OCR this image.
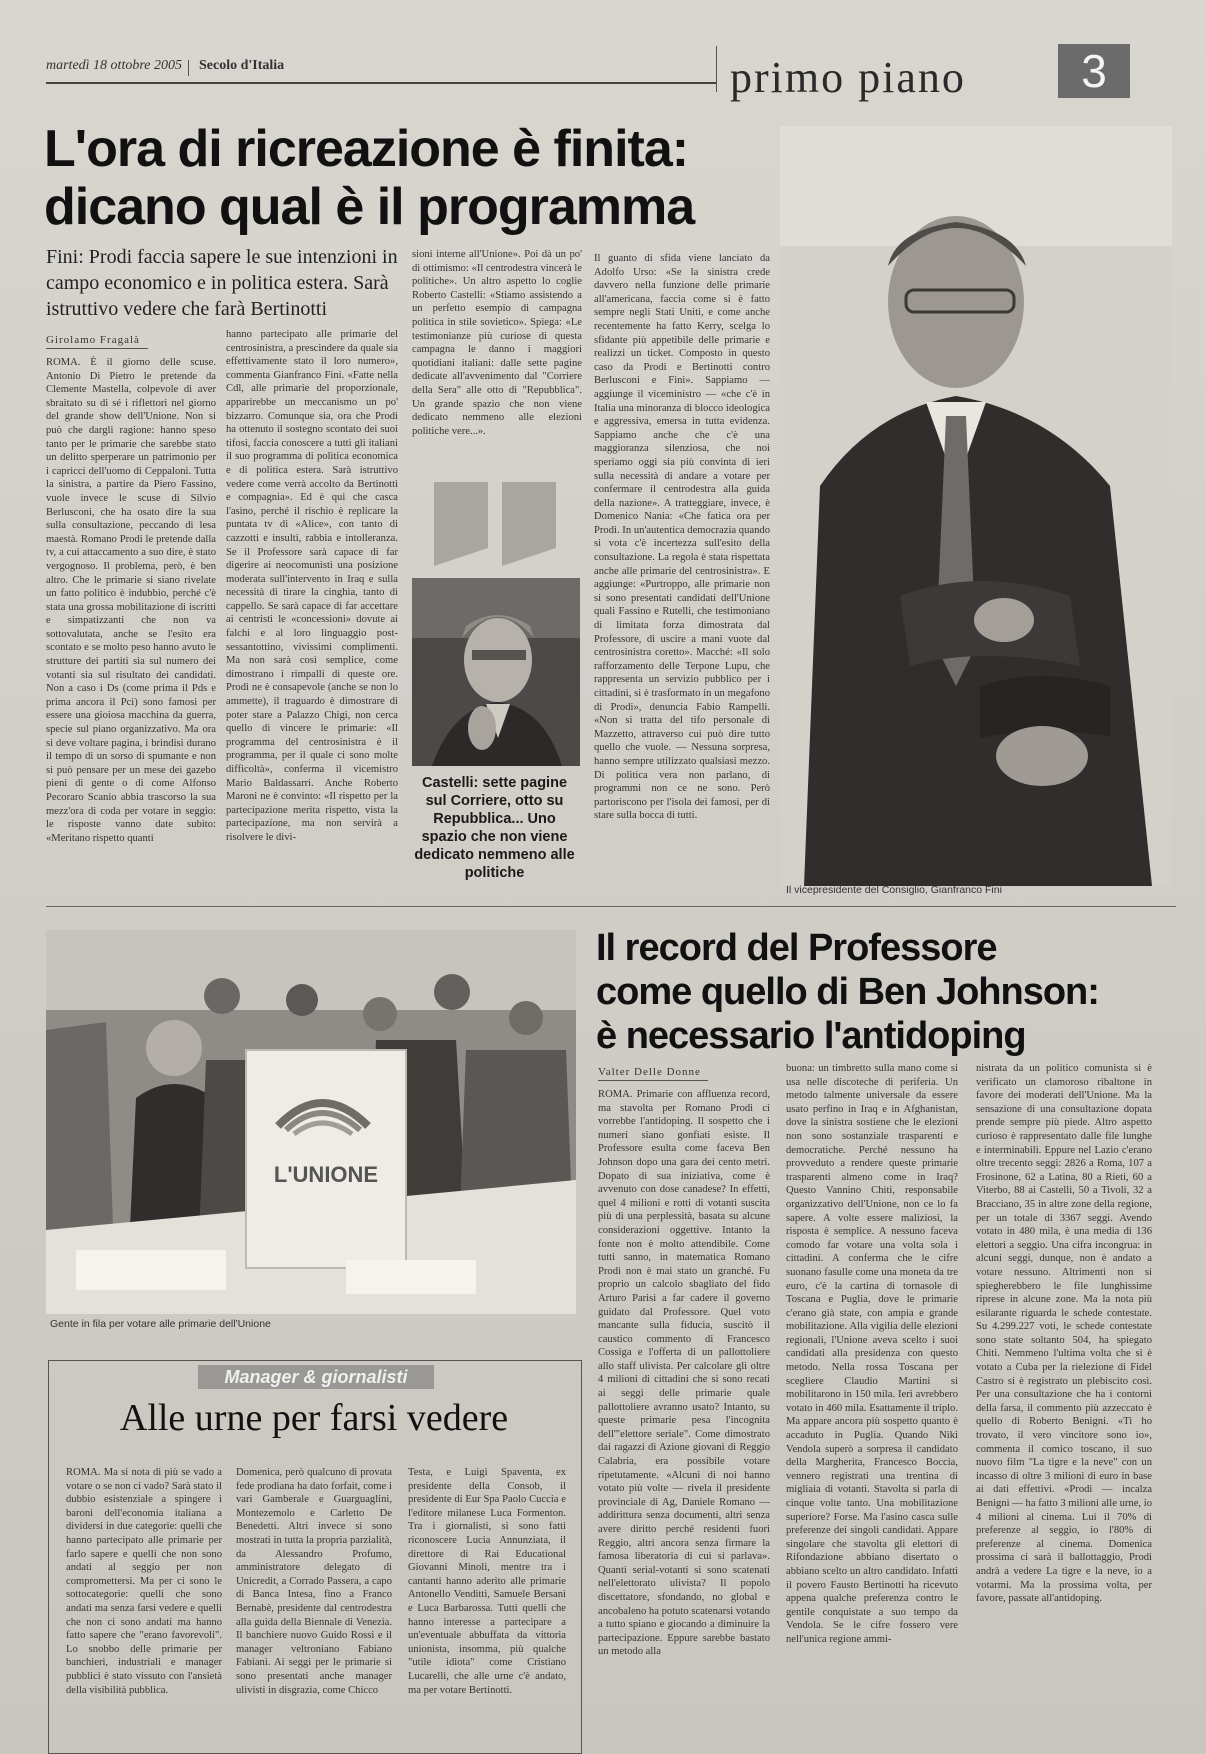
martedì 18 ottobre 2005 Secolo d'Italia	primo piano	3
L'ora di ricreazione è finita:
dicano qual è il programma
Fini: Prodi faccia sapere le sue intenzioni in campo economico e in politica estera. Sarà istruttivo vedere che farà Bertinotti
Girolamo Fragalà

ROMA. È il giorno delle scuse. Antonio Di Pietro le pretende da Clemente Mastella, colpevole di aver sbraitato su di sé i riflettori nel giorno del grande show dell'Unione. Non si può che dargli ragione: hanno speso tanto per le primarie che sarebbe stato un delitto sperperare un patrimonio per i capricci dell'uomo di Ceppaloni. Tutta la sinistra, a partire da Piero Fassino, vuole invece le scuse di Silvio Berlusconi, che ha osato dire la sua sulla consultazione, peccando di lesa maestà. Romano Prodi le pretende dalla tv, a cui attaccamento a suo dire, è stato vergognoso. Il problema, però, è ben altro. Che le primarie si siano rivelate un fatto politico è indubbio, perché c'è stata una grossa mobilitazione di iscritti e simpatizzanti che non va sottovalutata, anche se l'esito era scontato e se molto peso hanno avuto le strutture dei partiti sia sul numero dei votanti sia sul risultato dei candidati. Non a caso i Ds (come prima il Pds e prima ancora il Pci) sono famosi per essere una gioiosa macchina da guerra, specie sul piano organizzativo. Ma ora si deve voltare pagina, i brindisi durano il tempo di un sorso di spumante e non si può pensare per un mese dei gazebo pieni di gente o di come Alfonso Pecoraro Scanio abbia trascorso la sua mezz'ora di coda per votare in seggio: le risposte vanno date subito: «Meritano rispetto quanti

hanno partecipato alle primarie del centrosinistra, a prescindere da quale sia effettivamente stato il loro numero», commenta Gianfranco Fini. «Fatte nella Cdl, alle primarie del proporzionale, apparirebbe un meccanismo un po' bizzarro. Comunque sia, ora che Prodi ha ottenuto il sostegno scontato dei suoi tifosi, faccia conoscere a tutti gli italiani il suo programma di politica economica e di politica estera. Sarà istruttivo vedere come verrà accolto da Bertinotti e compagnia». Ed è qui che casca l'asino, perché il rischio è replicare la puntata tv di «Alice», con tanto di cazzotti e insulti, rabbia e intolleranza. Se il Professore sarà capace di far digerire ai neocomunisti una posizione moderata sull'intervento in Iraq e sulla necessità di tirare la cinghia, tanto di cappello. Se sarà capace di far accettare ai centristi le «concessioni» dovute ai falchi e al loro linguaggio post-sessantottino, vivissimi complimenti. Ma non sarà così semplice, come dimostrano i rimpalli di queste ore. Prodi ne è consapevole (anche se non lo ammette), il traguardo è dimostrare di poter stare a Palazzo Chigi, non cerca quello di vincere le primarie: «Il programma del centrosinistra è il programma, per il quale ci sono molte difficoltà», conferma il vicemistro Mario Baldassarri. Anche Roberto Maroni ne è convinto: «Il rispetto per la partecipazione merita rispetto, vista la partecipazione, ma non servirà a risolvere le divi-

sioni interne all'Unione». Poi dà un po' di ottimismo: «Il centrodestra vincerà le politiche». Un altro aspetto lo coglie Roberto Castelli: «Stiamo assistendo a un perfetto esempio di campagna politica in stile sovietico». Spiega: «Le testimonianze più curiose di questa campagna le danno i maggiori quotidiani italiani: dalle sette pagine dedicate all'avvenimento dal "Corriere della Sera" alle otto di "Repubblica". Un grande spazio che non viene dedicato nemmeno alle elezioni politiche vere...».

Il guanto di sfida viene lanciato da Adolfo Urso: «Se la sinistra crede davvero nella funzione delle primarie all'americana, faccia come si è fatto sempre negli Stati Uniti, e come anche recentemente ha fatto Kerry, scelga lo sfidante più appetibile delle primarie e realizzi un ticket. Composto in questo caso da Prodi e Bertinotti contro Berlusconi e Fini». Sappiamo — aggiunge il viceministro — «che c'è in Italia una minoranza di blocco ideologica e aggressiva, emersa in tutta evidenza. Sappiamo anche che c'è una maggioranza silenziosa, che noi speriamo oggi sia più convinta di ieri sulla necessità di andare a votare per confermare il centrodestra alla guida della nazione». A tratteggiare, invece, è Domenico Nania: «Che fatica ora per Prodi. In un'autentica democrazia quando si vota c'è incertezza sull'esito della consultazione. La regola è stata rispettata anche alle primarie del centrosinistra». E aggiunge: «Purtroppo, alle primarie non si sono presentati candidati dell'Unione quali Fassino e Rutelli, che testimoniano di limitata forza dimostrata dal Professore, di uscire a mani vuote dal centrosinistra coretto». Macché: «Il solo rafforzamento delle Terpone Lupu, che rappresenta un servizio pubblico per i cittadini, si è trasformato in un megafono di Prodi», denuncia Fabio Rampelli. «Non si tratta del tifo personale di Mazzetto, attraverso cui può dire tutto quello che vuole. — Nessuna sorpresa, hanno sempre utilizzato qualsiasi mezzo. Di politica vera non parlano, di programmi non ce ne sono. Però partoriscono per l'isola dei famosi, per di stare sulla bocca di tutti.

Castelli: sette pagine sul Corriere, otto su Repubblica... Uno spazio che non viene dedicato nemmeno alle politiche
Il vicepresidente del Consiglio, Gianfranco Fini
L'UNIONE
Gente in fila per votare alle primarie dell'Unione
Il record del Professore
come quello di Ben Johnson:
è necessario l'antidoping
Valter Delle Donne

ROMA. Primarie con affluenza record, ma stavolta per Romano Prodi ci vorrebbe l'antidoping. Il sospetto che i numeri siano gonfiati esiste. Il Professore esulta come faceva Ben Johnson dopo una gara dei cento metri. Dopato di sua iniziativa, come è avvenuto con dose canadese? In effetti, quel 4 milioni e rotti di votanti suscita più di una perplessità, basata su alcune considerazioni oggettive. Intanto la fonte non è molto attendibile. Come tutti sanno, in matematica Romano Prodi non è mai stato un granché. Fu proprio un calcolo sbagliato del fido Arturo Parisi a far cadere il governo guidato dal Professore. Quel voto mancante sulla fiducia, suscitò il caustico commento di Francesco Cossiga e l'offerta di un pallottoliere allo staff ulivista. Per calcolare gli oltre 4 milioni di cittadini che si sono recati ai seggi delle primarie quale pallottoliere avranno usato? Intanto, su queste primarie pesa l'incognita dell'"elettore seriale". Come dimostrato dai ragazzi di Azione giovani di Reggio Calabria, era possibile votare ripetutamente. «Alcuni di noi hanno votato più volte — rivela il presidente provinciale di Ag, Daniele Romano — addirittura senza documenti, altri senza avere diritto perché residenti fuori Reggio, altri ancora senza firmare la famosa liberatoria di cui si parlava». Quanti serial-votanti si sono scatenati nell'elettorato ulivista? Il popolo discettatore, sfondando, no global e ancobaleno ha potuto scatenarsi votando a tutto spiano e giocando a diminuire la partecipazione. Eppure sarebbe bastato un metodo alla

buona: un timbretto sulla mano come si usa nelle discoteche di periferia. Un metodo talmente universale da essere usato perfino in Iraq e in Afghanistan, dove la sinistra sostiene che le elezioni non sono sostanziale trasparenti e democratiche. Perché nessuno ha provveduto a rendere queste primarie trasparenti almeno come in Iraq? Questo Vannino Chiti, responsabile organizzativo dell'Unione, non ce lo fa sapere. A volte essere maliziosi, la risposta è semplice. A nessuno faceva comodo far votare una volta sola i cittadini. A conferma che le cifre suonano fasulle come una moneta da tre euro, c'è la cartina di tornasole di Toscana e Puglia, dove le primarie c'erano già state, con ampia e grande mobilitazione. Alla vigilia delle elezioni regionali, l'Unione aveva scelto i suoi candidati alla presidenza con questo metodo. Nella rossa Toscana per scegliere Claudio Martini si mobilitarono in 150 mila. Ieri avrebbero votato in 460 mila. Esattamente il triplo. Ma appare ancora più sospetto quanto è accaduto in Puglia. Quando Niki Vendola superò a sorpresa il candidato della Margherita, Francesco Boccia, vennero registrati una trentina di migliaia di votanti. Stavolta si parla di cinque volte tanto. Una mobilitazione superiore? Forse. Ma l'asino casca sulle preferenze dei singoli candidati. Appare singolare che stavolta gli elettori di Rifondazione abbiano disertato o abbiano scelto un altro candidato. Infatti il povero Fausto Bertinotti ha ricevuto appena qualche preferenza contro le gentile conquistate a suo tempo da Vendola. Se le cifre fossero vere nell'unica regione ammi-

nistrata da un politico comunista si è verificato un clamoroso ribaltone in favore dei moderati dell'Unione. Ma la sensazione di una consultazione dopata prende sempre più piede. Altro aspetto curioso è rappresentato dalle file lunghe e interminabili. Eppure nel Lazio c'erano oltre trecento seggi: 2826 a Roma, 107 a Frosinone, 62 a Latina, 80 a Rieti, 60 a Viterbo, 88 ai Castelli, 50 a Tivoli, 32 a Bracciano, 35 in altre zone della regione, per un totale di 3367 seggi. Avendo votato in 480 mila, è una media di 136 elettori a seggio. Una cifra incongrua: in alcuni seggi, dunque, non è andato a votare nessuno. Altrimenti non si spiegherebbero le file lunghissime riprese in alcune zone. Ma la nota più esilarante riguarda le schede contestate. Su 4.299.227 voti, le schede contestate sono state soltanto 504, ha spiegato Chiti. Nemmeno l'ultima volta che si è votato a Cuba per la rielezione di Fidel Castro si è registrato un plebiscito così. Per una consultazione che ha i contorni della farsa, il commento più azzeccato è quello di Roberto Benigni. «Ti ho trovato, il vero vincitore sono io», commenta il comico toscano, il suo nuovo film "La tigre e la neve" con un incasso di oltre 3 milioni di euro in base ai dati effettivi. «Prodi — incalza Benigni — ha fatto 3 milioni alle urne, io 4 milioni al cinema. Lui il 70% di preferenze al seggio, io l'80% di preferenze al cinema. Domenica prossima ci sarà il ballottaggio, Prodi andrà a vedere La tigre e la neve, io a votarmi. Ma la prossima volta, per favore, passate all'antidoping.

Manager & giornalisti
Alle urne per farsi vedere

ROMA. Ma si nota di più se vado a votare o se non ci vado? Sarà stato il dubbio esistenziale a spingere i baroni dell'economia italiana a dividersi in due categorie: quelli che hanno partecipato alle primarie per farlo sapere e quelli che non sono andati al seggio per non compromettersi. Ma per ci sono le sottocategorie: quelli che sono andati ma senza farsi vedere e quelli che non ci sono andati ma hanno fatto sapere che "erano favorevoli". Lo snobbo delle primarie per banchieri, industriali e manager pubblici è stato vissuto con l'ansietà della visibilità pubblica.

Domenica, però qualcuno di provata fede prodiana ha dato forfait, come i vari Gamberale e Guarguaglini, Montezemolo e Carletto De Benedetti. Altri invece si sono mostrati in tutta la propria parzialità, da Alessandro Profumo, amministratore delegato di Unicredit, a Corrado Passera, a capo di Banca Intesa, fino a Franco Bernabè, presidente dal centrodestra alla guida della Biennale di Venezia. Il banchiere nuovo Guido Rossi e il manager veltroniano Fabiano Fabiani. Ai seggi per le primarie si sono presentati anche manager ulivisti in disgrazia, come Chicco

Testa, e Luigi Spaventa, ex presidente della Consob, il presidente di Eur Spa Paolo Cuccia e l'editore milanese Luca Formenton. Tra i giornalisti, si sono fatti riconoscere Lucia Annunziata, il direttore di Rai Educational Giovanni Minoli, mentre tra i cantanti hanno aderito alle primarie Antonello Venditti, Samuele Bersani e Luca Barbarossa. Tutti quelli che hanno interesse a partecipare a un'eventuale abbuffata da vittoria unionista, insomma, più qualche "utile idiota" come Cristiano Lucarelli, che alle urne c'è andato, ma per votare Bertinotti.
